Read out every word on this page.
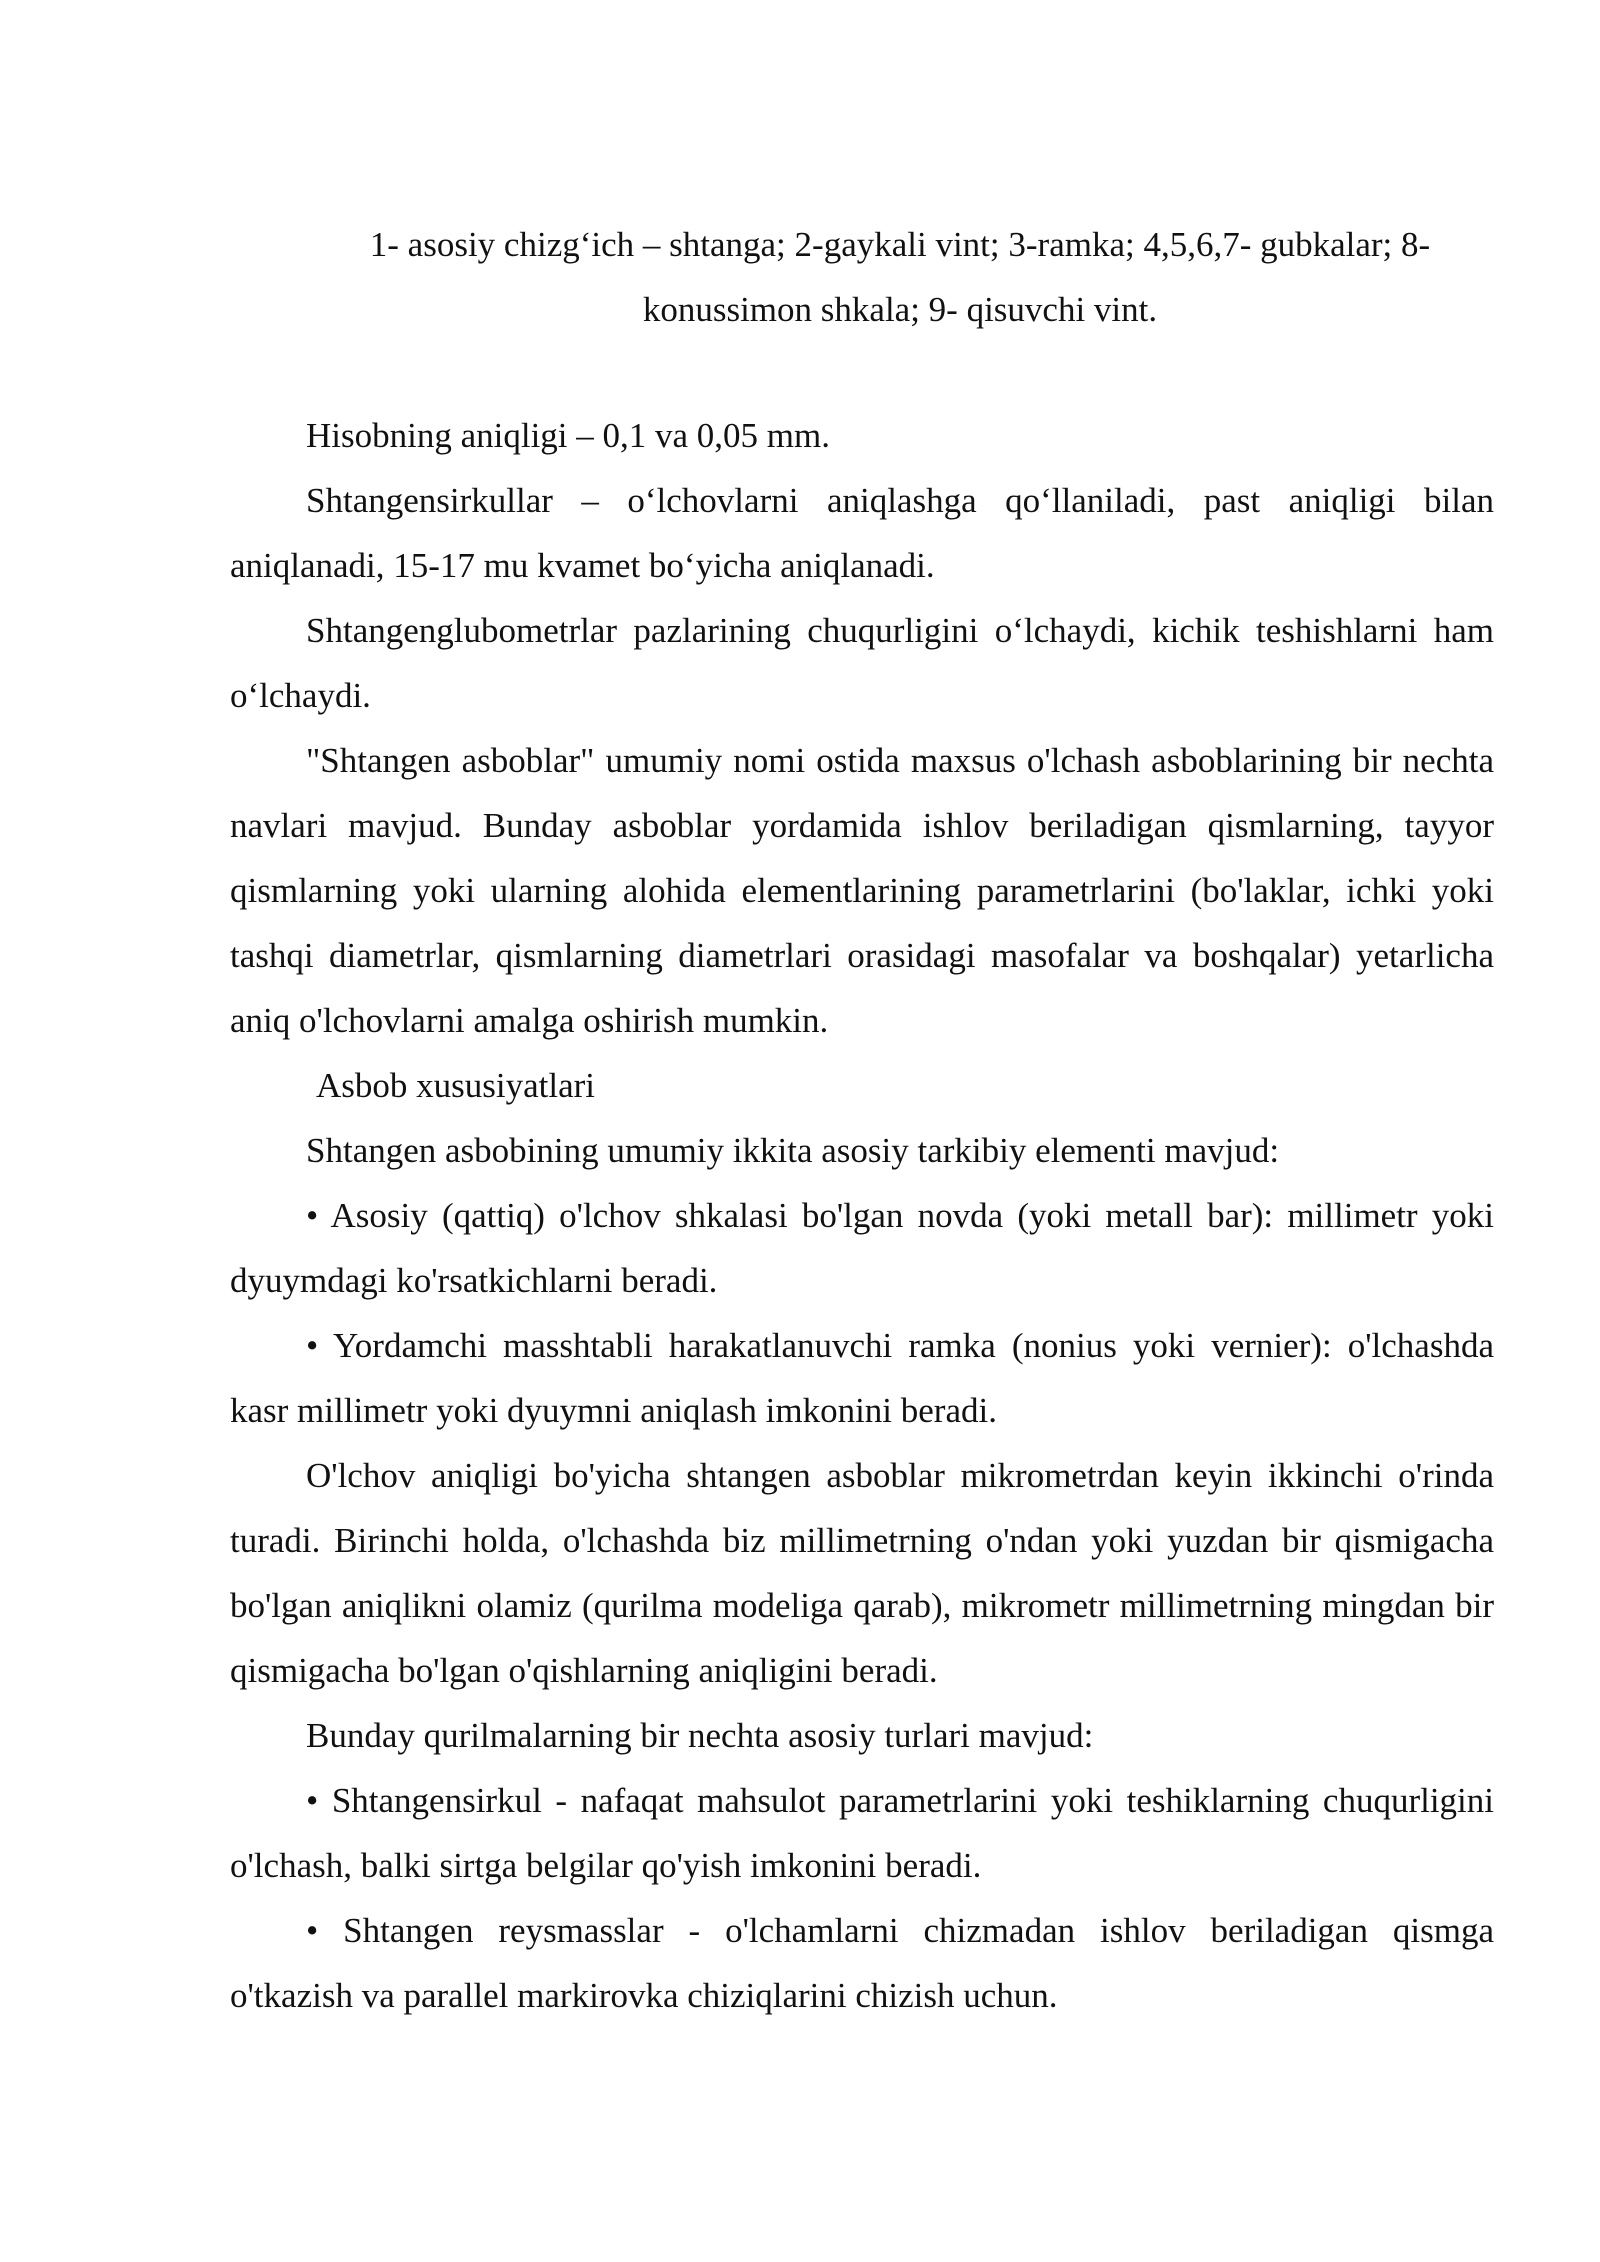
1- asosiy chizg‘ich – shtanga; 2-gaykali vint; 3-ramka; 4,5,6,7- gubkalar; 8-konussimon shkala; 9- qisuvchi vint.

Hisobning aniqligi – 0,1 va 0,05 mm.

Shtangensirkullar – o‘lchovlarni aniqlashga qo‘llaniladi, past aniqligi bilan aniqlanadi, 15-17 mu kvamet bo‘yicha aniqlanadi.

Shtangenglubometrlar pazlarining chuqurligini o‘lchaydi, kichik teshishlarni ham o‘lchaydi.

"Shtangen asboblar" umumiy nomi ostida maxsus o'lchash asboblarining bir nechta navlari mavjud. Bunday asboblar yordamida ishlov beriladigan qismlarning, tayyor qismlarning yoki ularning alohida elementlarining parametrlarini (bo'laklar, ichki yoki tashqi diametrlar, qismlarning diametrlari orasidagi masofalar va boshqalar) yetarlicha aniq o'lchovlarni amalga oshirish mumkin.

Asbob xususiyatlari

Shtangen asbobining umumiy ikkita asosiy tarkibiy elementi mavjud:

• Asosiy (qattiq) o'lchov shkalasi bo'lgan novda (yoki metall bar): millimetr yoki dyuymdagi ko'rsatkichlarni beradi.

• Yordamchi masshtabli harakatlanuvchi ramka (nonius yoki vernier): o'lchashda kasr millimetr yoki dyuymni aniqlash imkonini beradi.

O'lchov aniqligi bo'yicha shtangen asboblar mikrometrdan keyin ikkinchi o'rinda turadi. Birinchi holda, o'lchashda biz millimetrning o'ndan yoki yuzdan bir qismigacha bo'lgan aniqlikni olamiz (qurilma modeliga qarab), mikrometr millimetrning mingdan bir qismigacha bo'lgan o'qishlarning aniqligini beradi.

Bunday qurilmalarning bir nechta asosiy turlari mavjud:

• Shtangensirkul - nafaqat mahsulot parametrlarini yoki teshiklarning chuqurligini o'lchash, balki sirtga belgilar qo'yish imkonini beradi.

• Shtangen reysmasslar - o'lchamlarni chizmadan ishlov beriladigan qismga o'tkazish va parallel markirovka chiziqlarini chizish uchun.
